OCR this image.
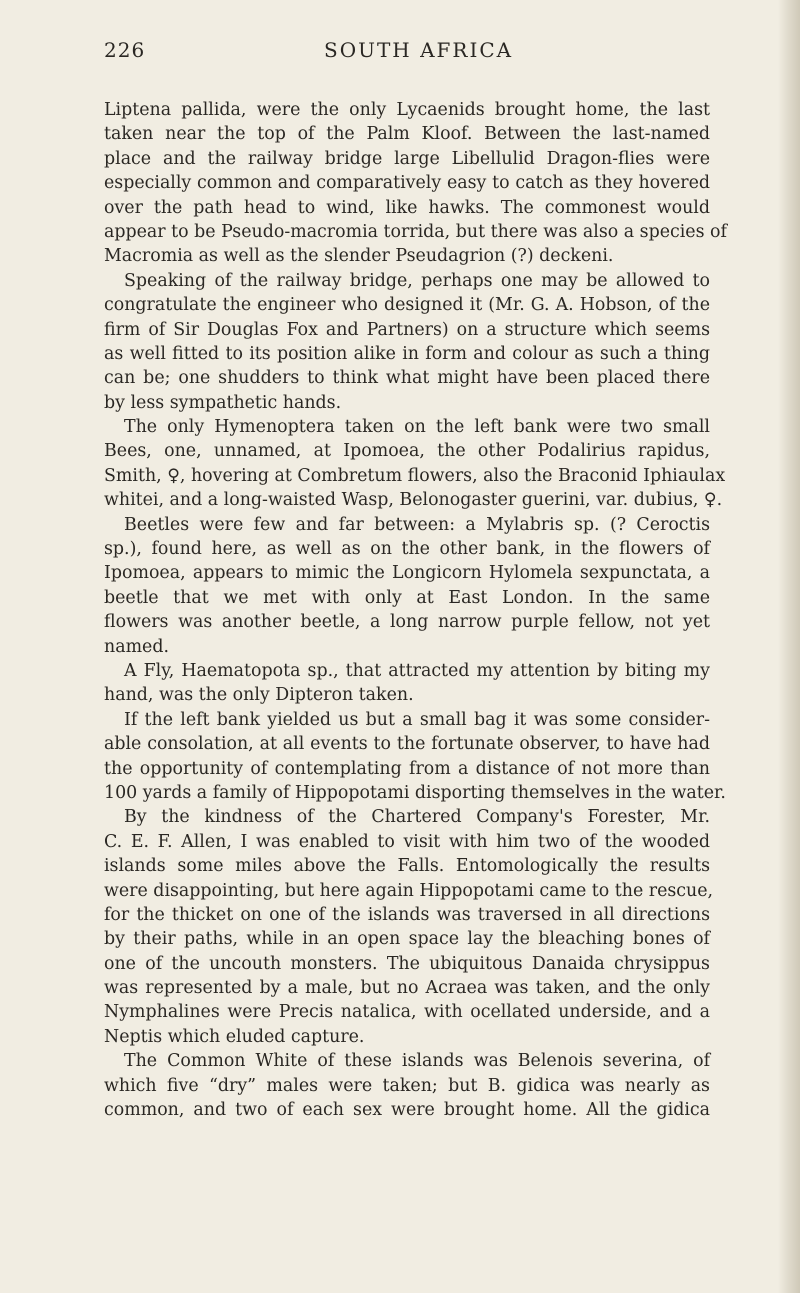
226	SOUTH AFRICA
Liptena pallida, were the only Lycaenids brought home, the last
taken near the top of the Palm Kloof. Between the last-named
place and the railway bridge large Libellulid Dragon-flies were
especially common and comparatively easy to catch as they hovered
over the path head to wind, like hawks. The commonest would
appear to be Pseudo-macromia torrida, but there was also a species of
Macromia as well as the slender Pseudagrion (?) deckeni.
Speaking of the railway bridge, perhaps one may be allowed to
congratulate the engineer who designed it (Mr. G. A. Hobson, of the
firm of Sir Douglas Fox and Partners) on a structure which seems
as well fitted to its position alike in form and colour as such a thing
can be; one shudders to think what might have been placed there
by less sympathetic hands.
The only Hymenoptera taken on the left bank were two small
Bees, one, unnamed, at Ipomoea, the other Podalirius rapidus,
Smith, ♀, hovering at Combretum flowers, also the Braconid Iphiaulax
whitei, and a long-waisted Wasp, Belonogaster guerini, var. dubius, ♀.
Beetles were few and far between: a Mylabris sp. (? Ceroctis
sp.), found here, as well as on the other bank, in the flowers of
Ipomoea, appears to mimic the Longicorn Hylomela sexpunctata, a
beetle that we met with only at East London. In the same
flowers was another beetle, a long narrow purple fellow, not yet
named.
A Fly, Haematopota sp., that attracted my attention by biting my
hand, was the only Dipteron taken.
If the left bank yielded us but a small bag it was some consider-
able consolation, at all events to the fortunate observer, to have had
the opportunity of contemplating from a distance of not more than
100 yards a family of Hippopotami disporting themselves in the water.
By the kindness of the Chartered Company's Forester, Mr.
C. E. F. Allen, I was enabled to visit with him two of the wooded
islands some miles above the Falls. Entomologically the results
were disappointing, but here again Hippopotami came to the rescue,
for the thicket on one of the islands was traversed in all directions
by their paths, while in an open space lay the bleaching bones of
one of the uncouth monsters. The ubiquitous Danaida chrysippus
was represented by a male, but no Acraea was taken, and the only
Nymphalines were Precis natalica, with ocellated underside, and a
Neptis which eluded capture.
The Common White of these islands was Belenois severina, of
which five “dry” males were taken; but B. gidica was nearly as
common, and two of each sex were brought home. All the gidica
